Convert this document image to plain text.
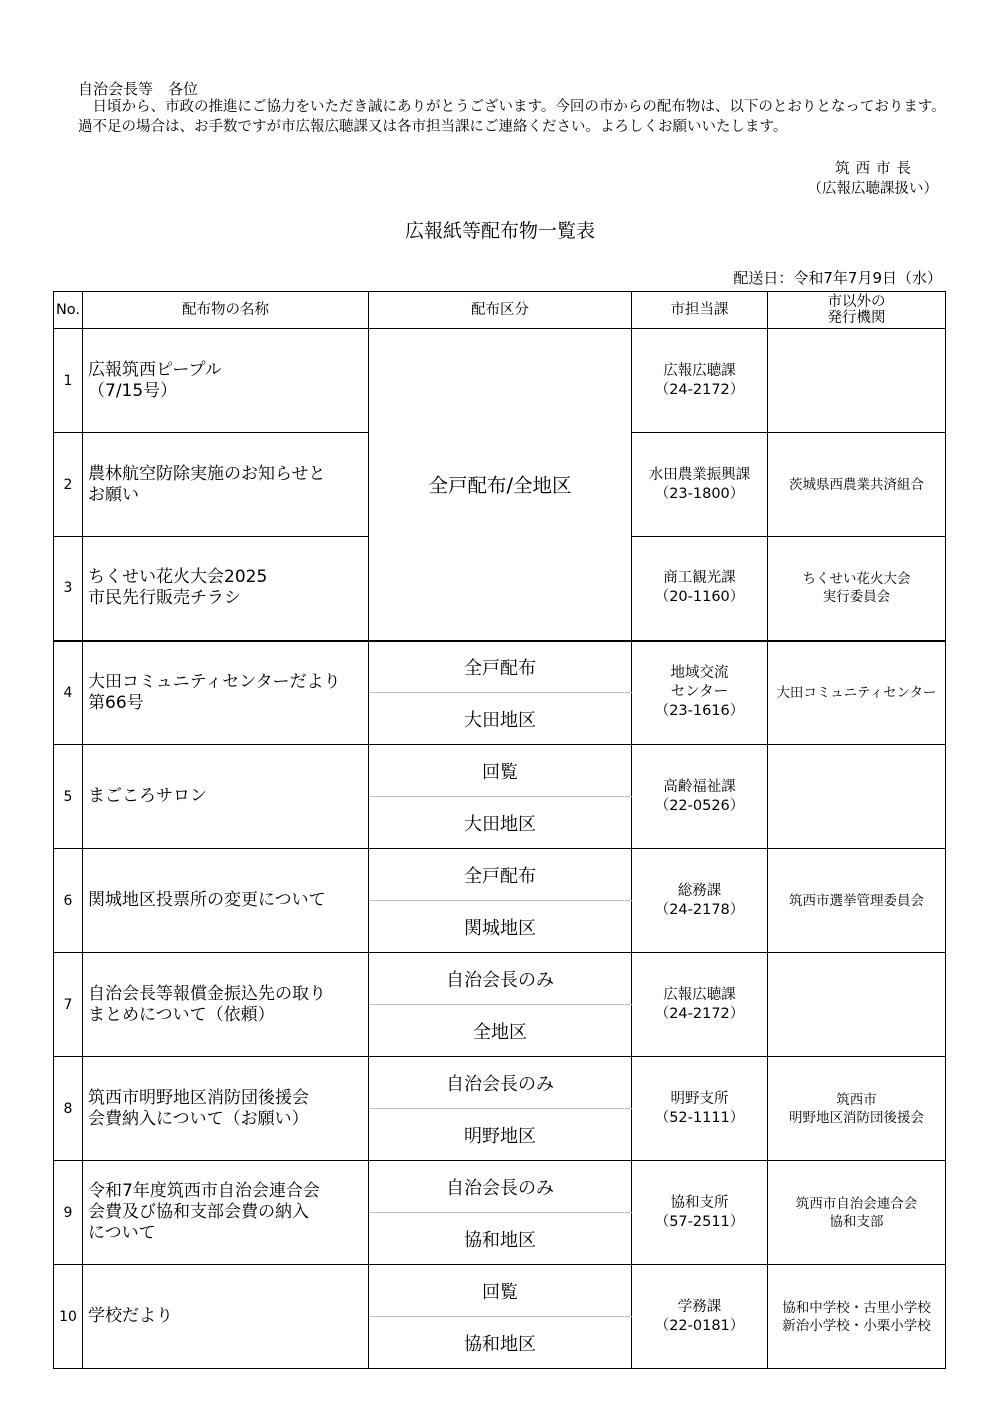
自治会長等　各位
日頃から、市政の推進にご協力をいただき誠にありがとうございます。今回の市からの配布物は、以下のとおりとなっております。過不足の場合は、お手数ですが市広報広聴課又は各市担当課にご連絡ください。よろしくお願いいたします。
筑西市長
（広報広聴課扱い）
広報紙等配布物一覧表
配送日：令和7年7月9日（水）
No.	配布物の名称	配布区分	市担当課	市以外の
発行機関

1	広報筑西ピープル
（7/15号）	全戸配布/全地区	広報広聴課
（24-2172）	

2	農林航空防除実施のお知らせと
お願い		水田農業振興課
（23-1800）	茨城県西農業共済組合

3	ちくせい花火大会2025
市民先行販売チラシ		商工観光課
（20-1160）	ちくせい花火大会
実行委員会

4	大田コミュニティセンターだより
第66号	全戸配布	地域交流
センター
（23-1616）	大田コミュニティセンター

		大田地区		
5	まごころサロン	回覧	高齢福祉課
（22-0526）	

		大田地区		
6	関城地区投票所の変更について	全戸配布	総務課
（24-2178）	筑西市選挙管理委員会

		関城地区		
7	自治会長等報償金振込先の取り
まとめについて（依頼）	自治会長のみ	広報広聴課
（24-2172）	

		全地区		
8	筑西市明野地区消防団後援会
会費納入について（お願い）	自治会長のみ	明野支所
（52-1111）	筑西市
明野地区消防団後援会

		明野地区		
9	令和7年度筑西市自治会連合会
会費及び協和支部会費の納入
について	自治会長のみ	協和支所
（57-2511）	筑西市自治会連合会
協和支部

		協和地区		
10	学校だより	回覧	学務課
（22-0181）	協和中学校・古里小学校
新治小学校・小栗小学校

		協和地区		
